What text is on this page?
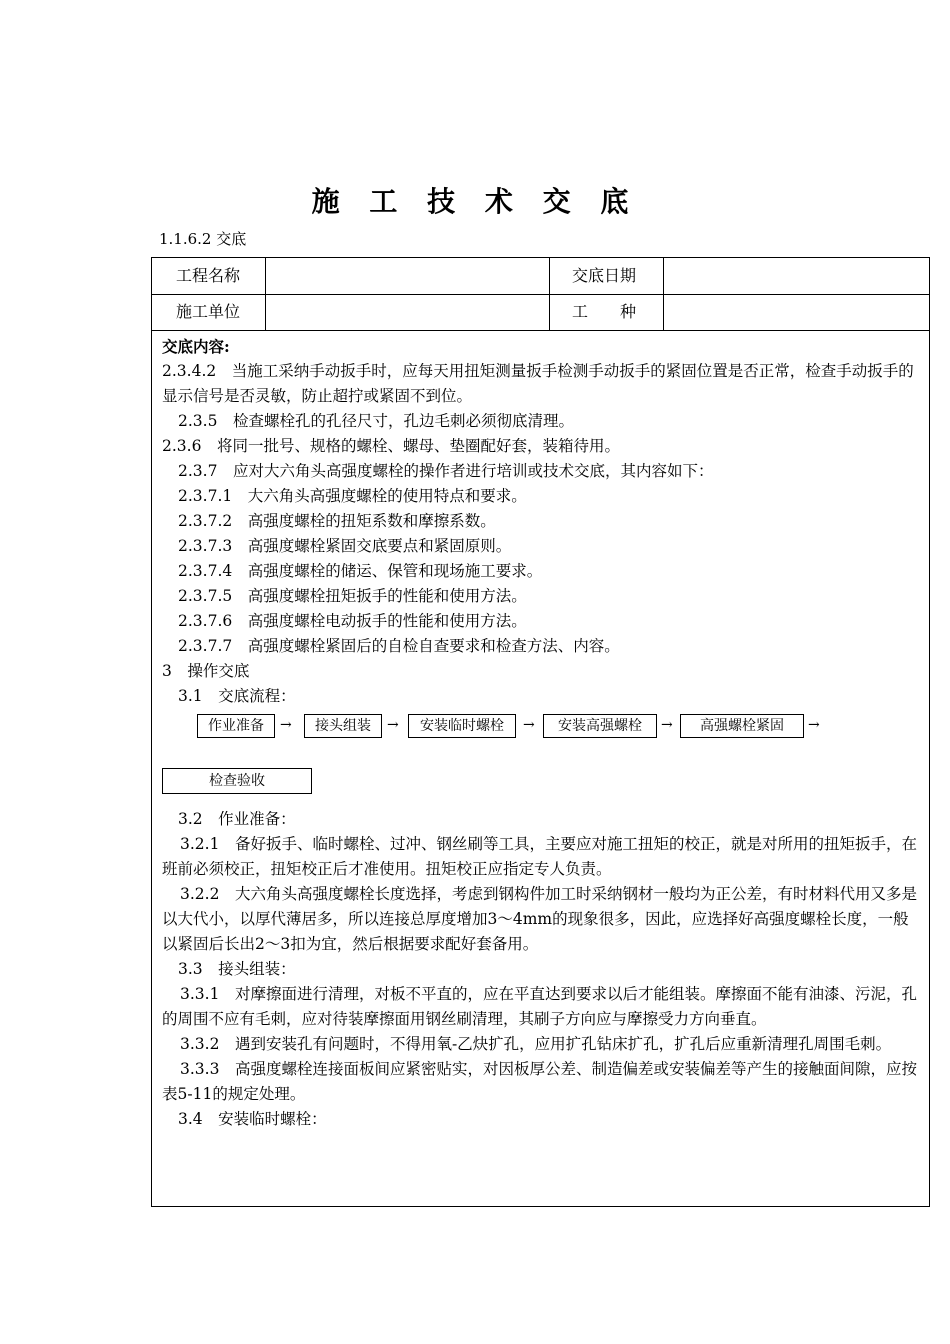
施 工 技 术 交 底
1.1.6.2 交底
工程名称	交底日期
施工单位	工　　种

交底内容:

2.3.4.2　当施工采纳手动扳手时，应每天用扭矩测量扳手检测手动扳手的紧固位置是否正常，检查手动扳手的显示信号是否灵敏，防止超拧或紧固不到位。

2.3.5　检查螺栓孔的孔径尺寸，孔边毛刺必须彻底清理。

2.3.6　将同一批号、规格的螺栓、螺母、垫圈配好套，装箱待用。

2.3.7　应对大六角头高强度螺栓的操作者进行培训或技术交底，其内容如下：

2.3.7.1　大六角头高强度螺栓的使用特点和要求。

2.3.7.2　高强度螺栓的扭矩系数和摩擦系数。

2.3.7.3　高强度螺栓紧固交底要点和紧固原则。

2.3.7.4　高强度螺栓的储运、保管和现场施工要求。

2.3.7.5　高强度螺栓扭矩扳手的性能和使用方法。

2.3.7.6　高强度螺栓电动扳手的性能和使用方法。

2.3.7.7　高强度螺栓紧固后的自检自查要求和检查方法、内容。

3　操作交底

3.1　交底流程：

作业准备	→	接头组装	→	安装临时螺栓	→	安装高强螺栓	→	高强螺栓紧固	→
检查验收

3.2　作业准备：

3.2.1　备好扳手、临时螺栓、过冲、钢丝刷等工具，主要应对施工扭矩的校正，就是对所用的扭矩扳手，在班前必须校正，扭矩校正后才准使用。扭矩校正应指定专人负责。

3.2.2　大六角头高强度螺栓长度选择，考虑到钢构件加工时采纳钢材一般均为正公差，有时材料代用又多是以大代小，以厚代薄居多，所以连接总厚度增加3～4mm的现象很多，因此，应选择好高强度螺栓长度，一般以紧固后长出2～3扣为宜，然后根据要求配好套备用。

3.3　接头组装：

3.3.1　对摩擦面进行清理，对板不平直的，应在平直达到要求以后才能组装。摩擦面不能有油漆、污泥，孔的周围不应有毛刺，应对待装摩擦面用钢丝刷清理，其刷子方向应与摩擦受力方向垂直。

3.3.2　遇到安装孔有问题时，不得用氧-乙炔扩孔，应用扩孔钻床扩孔，扩孔后应重新清理孔周围毛刺。

3.3.3　高强度螺栓连接面板间应紧密贴实，对因板厚公差、制造偏差或安装偏差等产生的接触面间隙，应按表5-11的规定处理。

3.4　安装临时螺栓：
